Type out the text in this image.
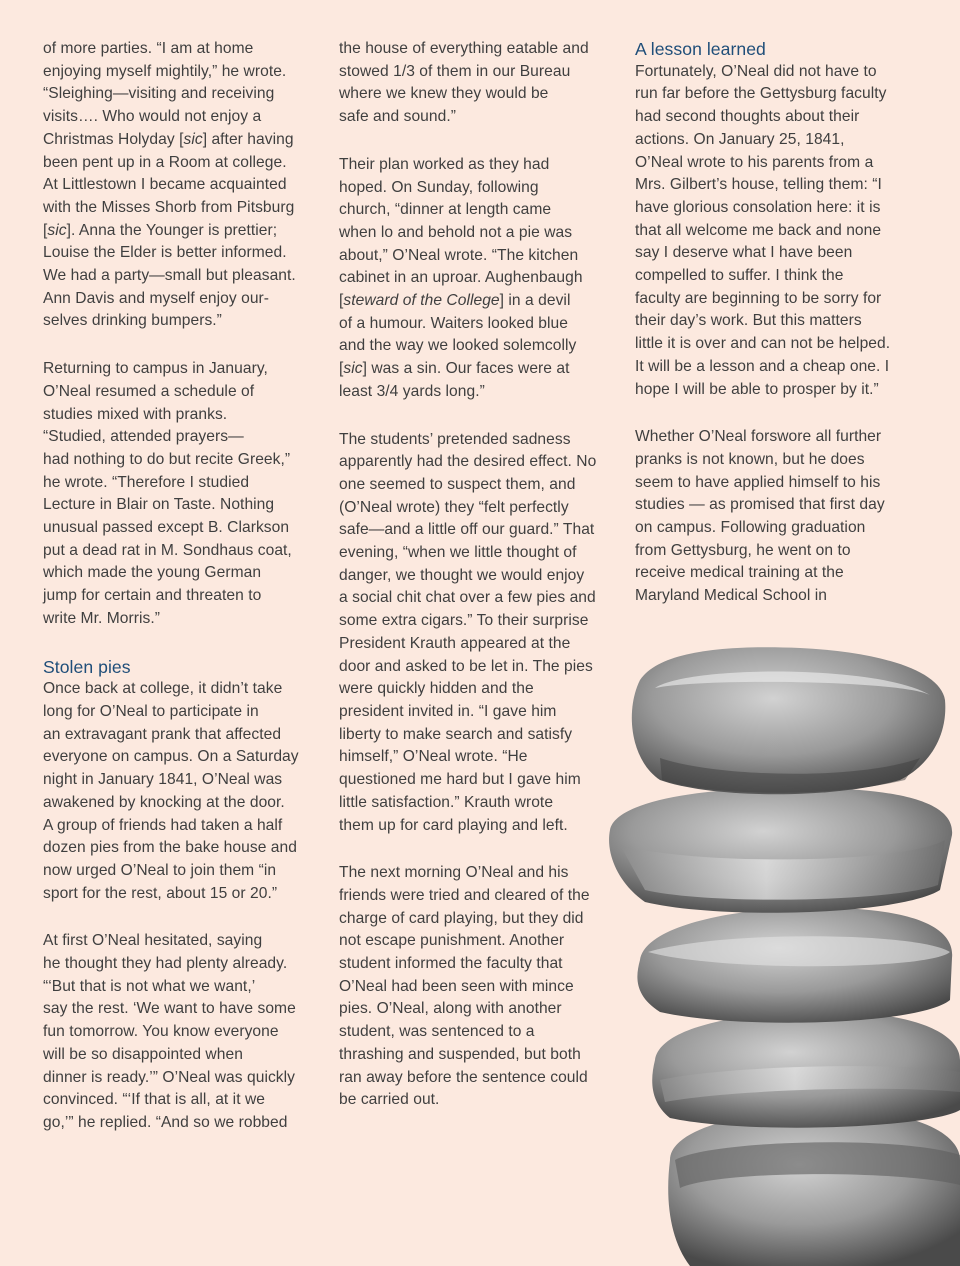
of more parties. “I am at home
enjoying myself mightily,” he wrote.
“Sleighing—visiting and receiving
visits…. Who would not enjoy a
Christmas Holyday [sic] after having
been pent up in a Room at college.
At Littlestown I became acquainted
with the Misses Shorb from Pitsburg
[sic]. Anna the Younger is prettier;
Louise the Elder is better informed.
We had a party—small but pleasant.
Ann Davis and myself enjoy our-
selves drinking bumpers.”

Returning to campus in January,
O’Neal resumed a schedule of
studies mixed with pranks.
“Studied, attended prayers—
had nothing to do but recite Greek,”
he wrote. “Therefore I studied
Lecture in Blair on Taste. Nothing
unusual passed except B. Clarkson
put a dead rat in M. Sondhaus coat,
which made the young German
jump for certain and threaten to
write Mr. Morris.”

Stolen pies

Once back at college, it didn’t take
long for O’Neal to participate in
an extravagant prank that affected
everyone on campus. On a Saturday
night in January 1841, O’Neal was
awakened by knocking at the door.
A group of friends had taken a half
dozen pies from the bake house and
now urged O’Neal to join them “in
sport for the rest, about 15 or 20.”

At first O’Neal hesitated, saying
he thought they had plenty already.
“‘But that is not what we want,’
say the rest. ‘We want to have some
fun tomorrow. You know everyone
will be so disappointed when
dinner is ready.’” O’Neal was quickly
convinced. “‘If that is all, at it we
go,’” he replied. “And so we robbed

the house of everything eatable and
stowed 1/3 of them in our Bureau
where we knew they would be
safe and sound.”

Their plan worked as they had
hoped. On Sunday, following
church, “dinner at length came
when lo and behold not a pie was
about,” O’Neal wrote. “The kitchen
cabinet in an uproar. Aughenbaugh
[steward of the College] in a devil
of a humour. Waiters looked blue
and the way we looked solemcolly
[sic] was a sin. Our faces were at
least 3/4 yards long.”

The students’ pretended sadness
apparently had the desired effect. No
one seemed to suspect them, and
(O’Neal wrote) they “felt perfectly
safe—and a little off our guard.” That
evening, “when we little thought of
danger, we thought we would enjoy
a social chit chat over a few pies and
some extra cigars.” To their surprise
President Krauth appeared at the
door and asked to be let in. The pies
were quickly hidden and the
president invited in. “I gave him
liberty to make search and satisfy
himself,” O’Neal wrote. “He
questioned me hard but I gave him
little satisfaction.” Krauth wrote
them up for card playing and left.

The next morning O’Neal and his
friends were tried and cleared of the
charge of card playing, but they did
not escape punishment. Another
student informed the faculty that
O’Neal had been seen with mince
pies. O’Neal, along with another
student, was sentenced to a
thrashing and suspended, but both
ran away before the sentence could
be carried out.

A lesson learned

Fortunately, O’Neal did not have to
run far before the Gettysburg faculty
had second thoughts about their
actions. On January 25, 1841,
O’Neal wrote to his parents from a
Mrs. Gilbert’s house, telling them: “I
have glorious consolation here: it is
that all welcome me back and none
say I deserve what I have been
compelled to suffer. I think the
faculty are beginning to be sorry for
their day’s work. But this matters
little it is over and can not be helped.
It will be a lesson and a cheap one. I
hope I will be able to prosper by it.”

Whether O’Neal forswore all further
pranks is not known, but he does
seem to have applied himself to his
studies — as promised that first day
on campus. Following graduation
from Gettysburg, he went on to
receive medical training at the
Maryland Medical School in
